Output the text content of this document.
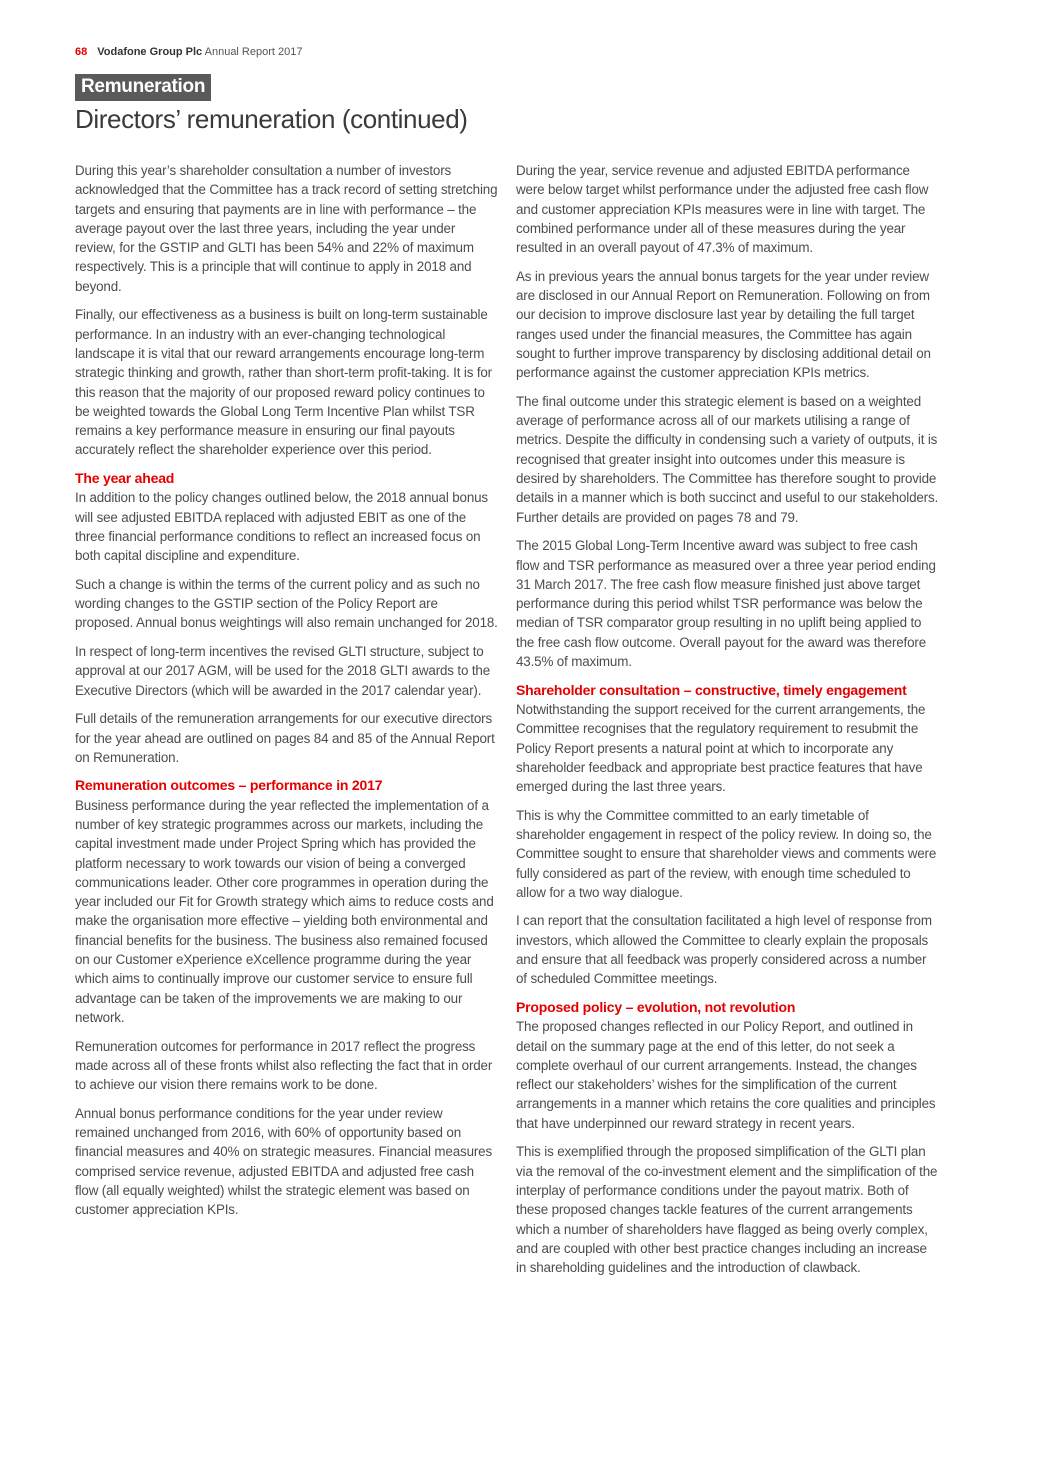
68 Vodafone Group Plc Annual Report 2017
Remuneration
Directors’ remuneration (continued)

During this year’s shareholder consultation a number of investors acknowledged that the Committee has a track record of setting stretching targets and ensuring that payments are in line with performance – the average payout over the last three years, including the year under review, for the GSTIP and GLTI has been 54% and 22% of maximum respectively. This is a principle that will continue to apply in 2018 and beyond.

Finally, our effectiveness as a business is built on long-term sustainable performance. In an industry with an ever-changing technological landscape it is vital that our reward arrangements encourage long-term strategic thinking and growth, rather than short-term profit-taking. It is for this reason that the majority of our proposed reward policy continues to be weighted towards the Global Long Term Incentive Plan whilst TSR remains a key performance measure in ensuring our final payouts accurately reflect the shareholder experience over this period.

The year ahead

In addition to the policy changes outlined below, the 2018 annual bonus will see adjusted EBITDA replaced with adjusted EBIT as one of the three financial performance conditions to reflect an increased focus on both capital discipline and expenditure.

Such a change is within the terms of the current policy and as such no wording changes to the GSTIP section of the Policy Report are proposed. Annual bonus weightings will also remain unchanged for 2018.

In respect of long-term incentives the revised GLTI structure, subject to approval at our 2017 AGM, will be used for the 2018 GLTI awards to the Executive Directors (which will be awarded in the 2017 calendar year).

Full details of the remuneration arrangements for our executive directors for the year ahead are outlined on pages 84 and 85 of the Annual Report on Remuneration.

Remuneration outcomes – performance in 2017

Business performance during the year reflected the implementation of a number of key strategic programmes across our markets, including the capital investment made under Project Spring which has provided the platform necessary to work towards our vision of being a converged communications leader. Other core programmes in operation during the year included our Fit for Growth strategy which aims to reduce costs and make the organisation more effective – yielding both environmental and financial benefits for the business. The business also remained focused on our Customer eXperience eXcellence programme during the year which aims to continually improve our customer service to ensure full advantage can be taken of the improvements we are making to our network.

Remuneration outcomes for performance in 2017 reflect the progress made across all of these fronts whilst also reflecting the fact that in order to achieve our vision there remains work to be done.

Annual bonus performance conditions for the year under review remained unchanged from 2016, with 60% of opportunity based on financial measures and 40% on strategic measures. Financial measures comprised service revenue, adjusted EBITDA and adjusted free cash flow (all equally weighted) whilst the strategic element was based on customer appreciation KPIs.

During the year, service revenue and adjusted EBITDA performance were below target whilst performance under the adjusted free cash flow and customer appreciation KPIs measures were in line with target. The combined performance under all of these measures during the year resulted in an overall payout of 47.3% of maximum.

As in previous years the annual bonus targets for the year under review are disclosed in our Annual Report on Remuneration. Following on from our decision to improve disclosure last year by detailing the full target ranges used under the financial measures, the Committee has again sought to further improve transparency by disclosing additional detail on performance against the customer appreciation KPIs metrics.

The final outcome under this strategic element is based on a weighted average of performance across all of our markets utilising a range of metrics. Despite the difficulty in condensing such a variety of outputs, it is recognised that greater insight into outcomes under this measure is desired by shareholders. The Committee has therefore sought to provide details in a manner which is both succinct and useful to our stakeholders. Further details are provided on pages 78 and 79.

The 2015 Global Long-Term Incentive award was subject to free cash flow and TSR performance as measured over a three year period ending 31 March 2017. The free cash flow measure finished just above target performance during this period whilst TSR performance was below the median of TSR comparator group resulting in no uplift being applied to the free cash flow outcome. Overall payout for the award was therefore 43.5% of maximum.

Shareholder consultation – constructive, timely engagement

Notwithstanding the support received for the current arrangements, the Committee recognises that the regulatory requirement to resubmit the Policy Report presents a natural point at which to incorporate any shareholder feedback and appropriate best practice features that have emerged during the last three years.

This is why the Committee committed to an early timetable of shareholder engagement in respect of the policy review. In doing so, the Committee sought to ensure that shareholder views and comments were fully considered as part of the review, with enough time scheduled to allow for a two way dialogue.

I can report that the consultation facilitated a high level of response from investors, which allowed the Committee to clearly explain the proposals and ensure that all feedback was properly considered across a number of scheduled Committee meetings.

Proposed policy – evolution, not revolution

The proposed changes reflected in our Policy Report, and outlined in detail on the summary page at the end of this letter, do not seek a complete overhaul of our current arrangements. Instead, the changes reflect our stakeholders’ wishes for the simplification of the current arrangements in a manner which retains the core qualities and principles that have underpinned our reward strategy in recent years.

This is exemplified through the proposed simplification of the GLTI plan via the removal of the co-investment element and the simplification of the interplay of performance conditions under the payout matrix. Both of these proposed changes tackle features of the current arrangements which a number of shareholders have flagged as being overly complex, and are coupled with other best practice changes including an increase in shareholding guidelines and the introduction of clawback.
